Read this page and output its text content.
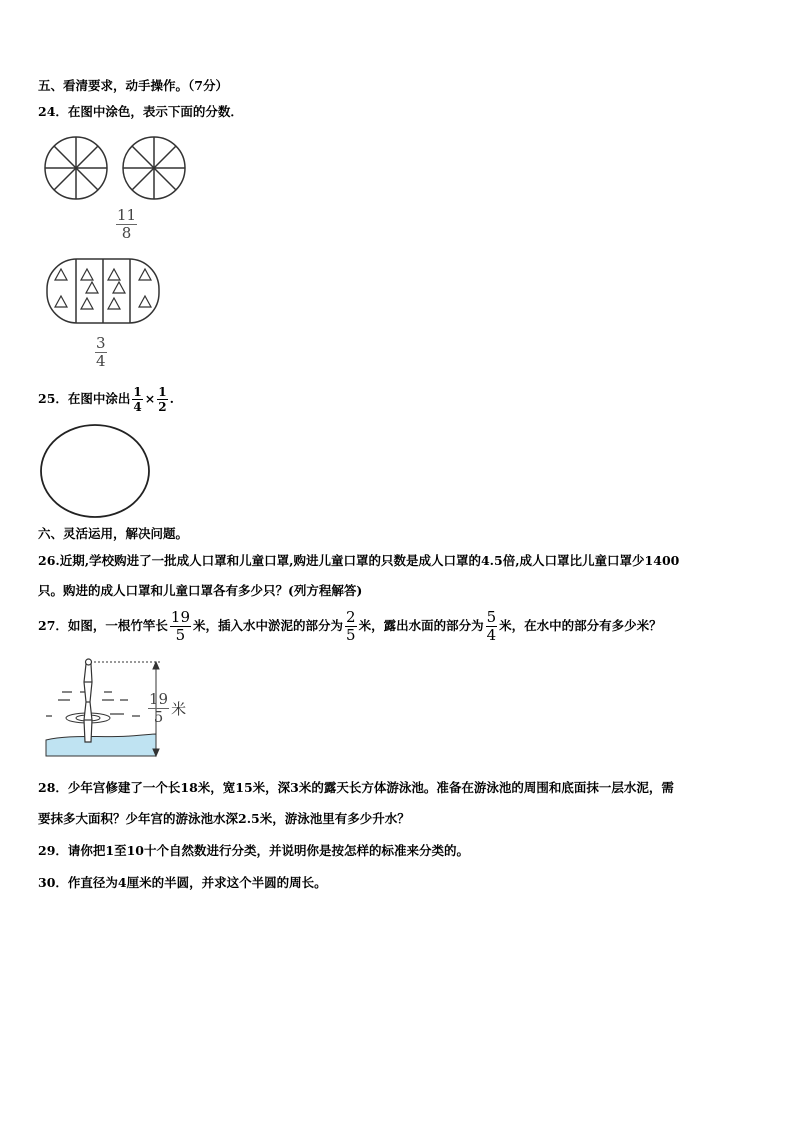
五、看清要求，动手操作。（7分）
24．在图中涂色，表示下面的分数．
$\frac{11}{8}$
$\frac{3}{4}$
25．在图中涂出 $\frac{1}{4} \times \frac{1}{2}$ .
六、灵活运用，解决问题。
26.近期,学校购进了一批成人口罩和儿童口罩,购进儿童口罩的只数是成人口罩的4.5倍,成人口罩比儿童口罩少1400
只。购进的成人口罩和儿童口罩各有多少只？(列方程解答)
27．如图，一根竹竿长 $\frac{19}{5}$ 米，插入水中淤泥的部分为 $\frac{2}{5}$ 米，露出水面的部分为 $\frac{5}{4}$ 米，在水中的部分有多少米？
$\frac{19}{5}$ 米
28．少年宫修建了一个长18米，宽15米，深3米的露天长方体游泳池。准备在游泳池的周围和底面抹一层水泥，需
要抹多大面积？少年宫的游泳池水深2.5米，游泳池里有多少升水？
29．请你把1至10十个自然数进行分类，并说明你是按怎样的标准来分类的。
30．作直径为4厘米的半圆，并求这个半圆的周长。
